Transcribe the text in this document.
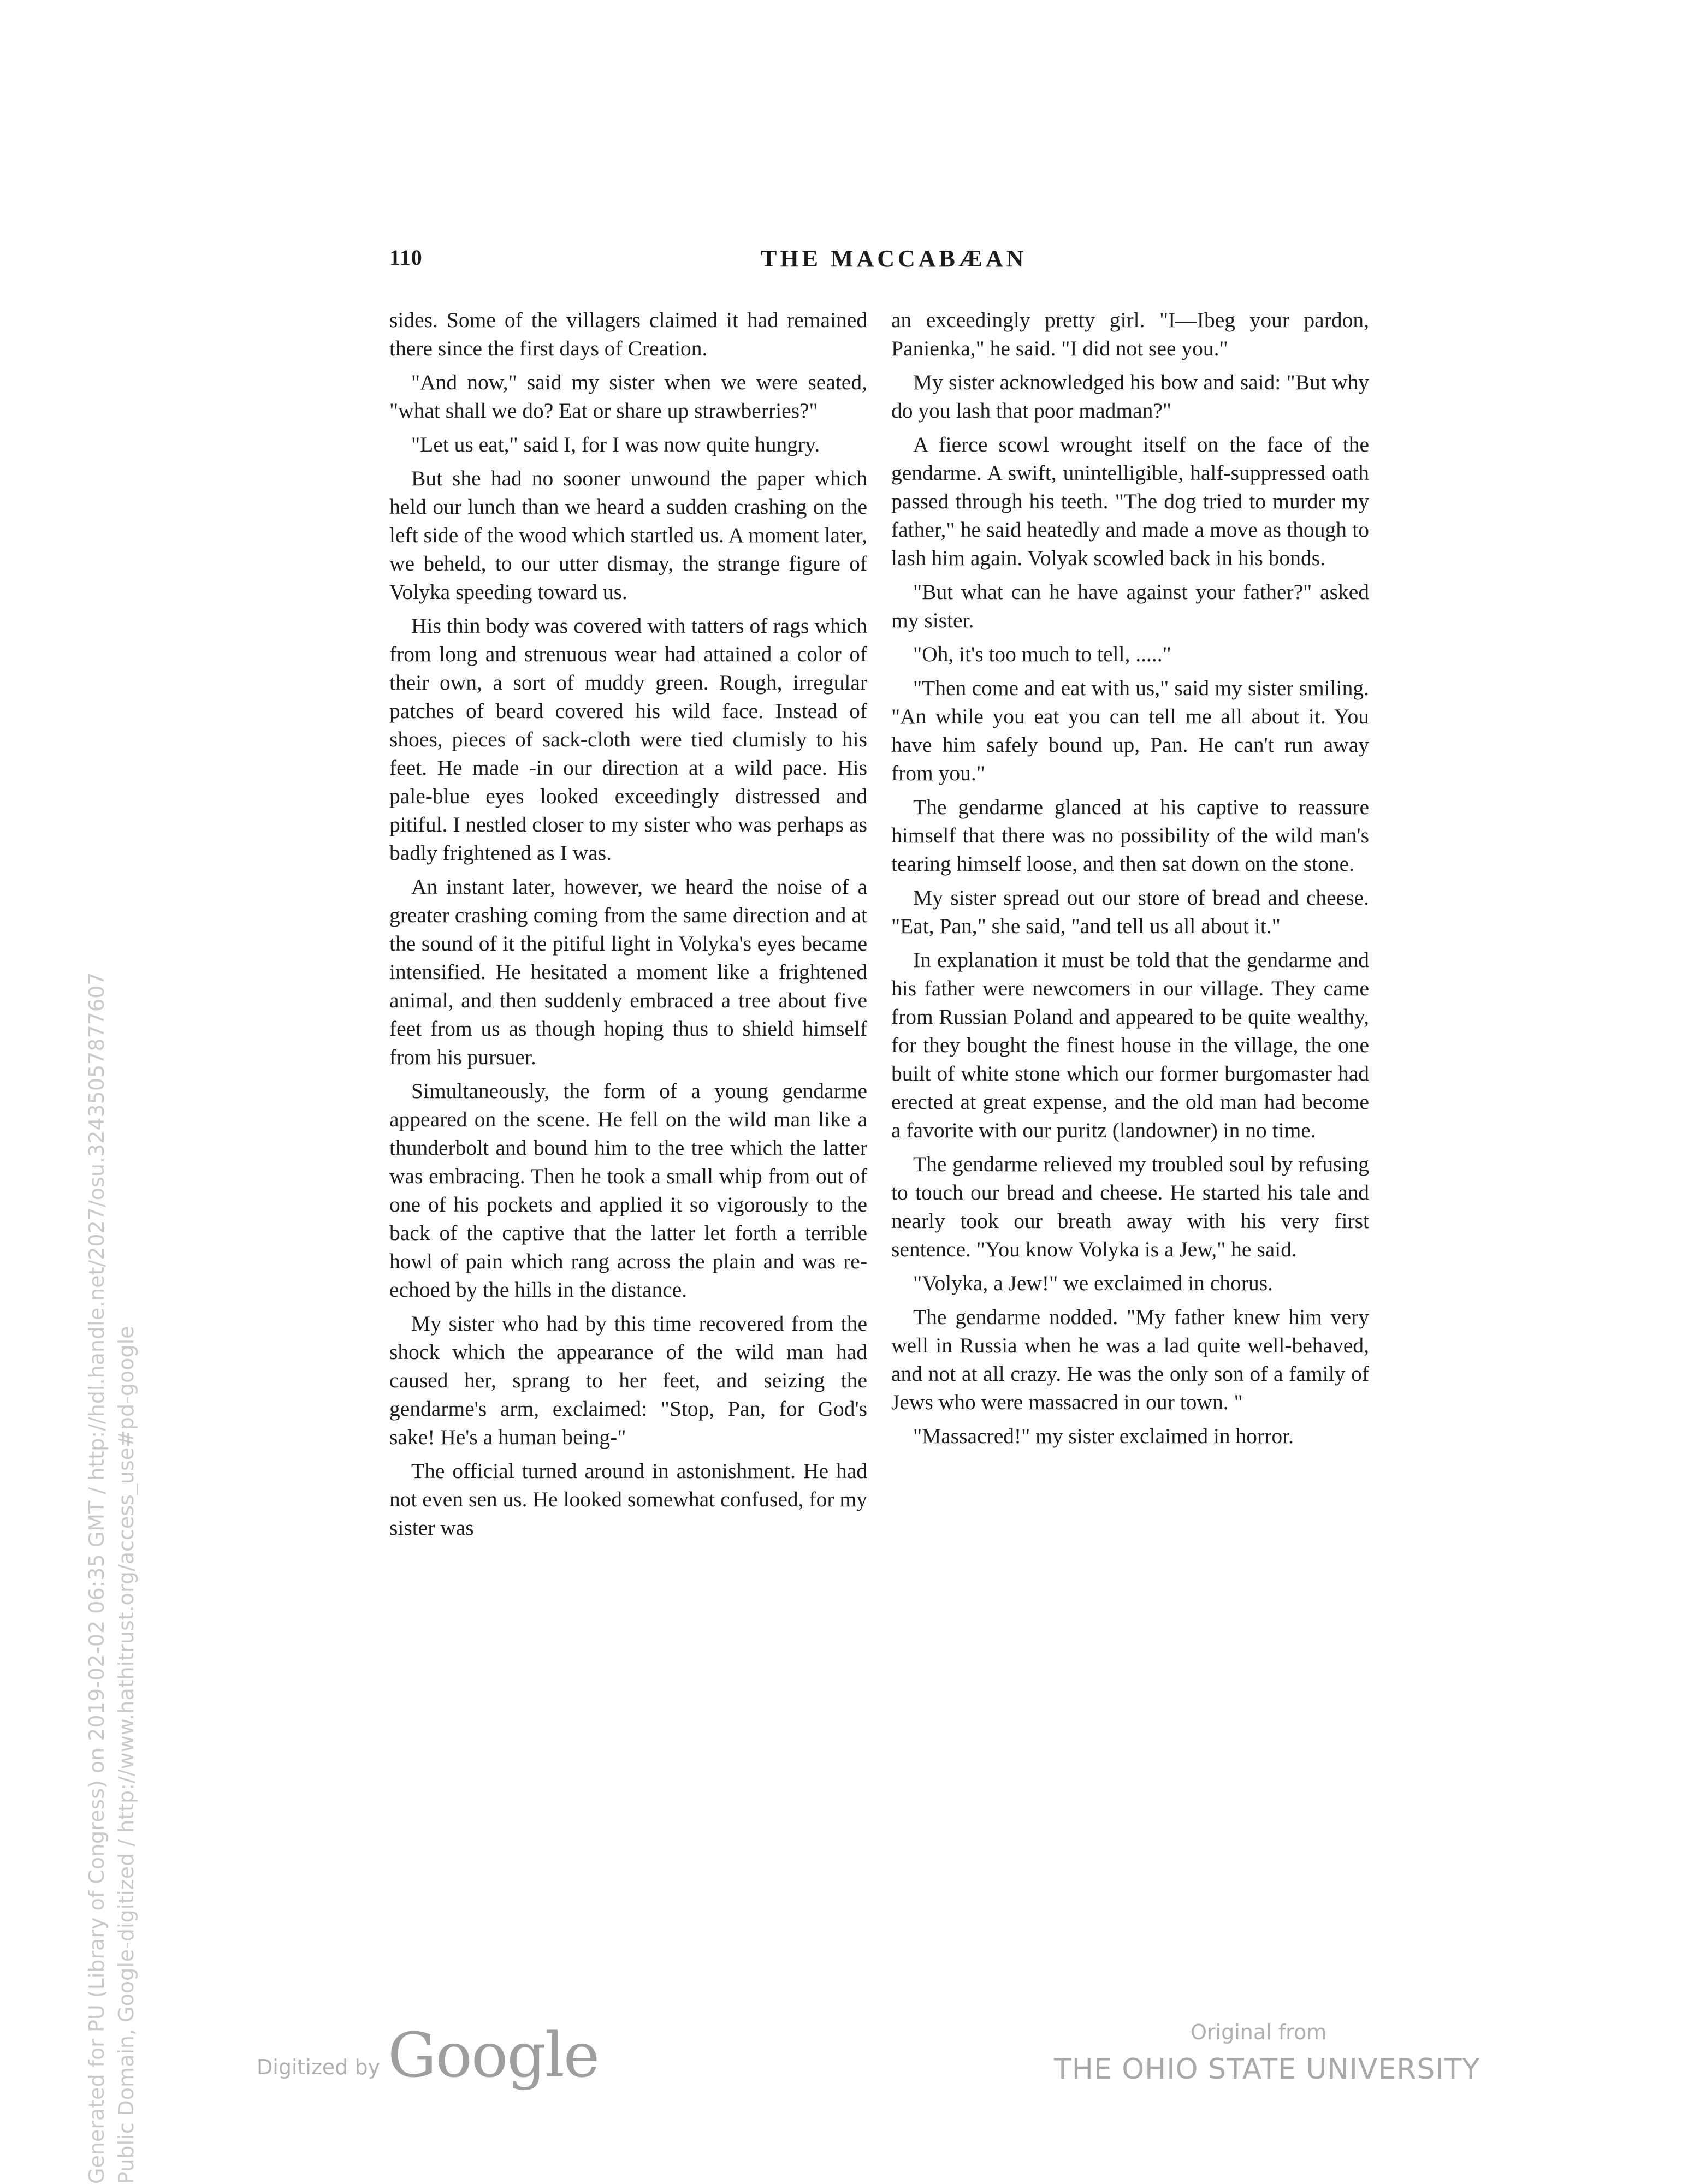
110	THE MACCABÆAN

sides. Some of the villagers claimed it had remained there since the first days of Creation.

"And now," said my sister when we were seated, "what shall we do? Eat or share up strawberries?"

"Let us eat," said I, for I was now quite hungry.

But she had no sooner unwound the paper which held our lunch than we heard a sudden crashing on the left side of the wood which startled us. A moment later, we beheld, to our utter dismay, the strange figure of Volyka speeding toward us.

His thin body was covered with tatters of rags which from long and strenuous wear had attained a color of their own, a sort of muddy green. Rough, irregular patches of beard covered his wild face. Instead of shoes, pieces of sack-cloth were tied clumisly to his feet. He made -in our direction at a wild pace. His pale-blue eyes looked exceedingly distressed and pitiful. I nestled closer to my sister who was perhaps as badly frightened as I was.

An instant later, however, we heard the noise of a greater crashing coming from the same direction and at the sound of it the pitiful light in Volyka's eyes became intensified. He hesitated a moment like a frightened animal, and then suddenly embraced a tree about five feet from us as though hoping thus to shield himself from his pursuer.

Simultaneously, the form of a young gendarme appeared on the scene. He fell on the wild man like a thunderbolt and bound him to the tree which the latter was embracing. Then he took a small whip from out of one of his pockets and applied it so vigorously to the back of the captive that the latter let forth a terrible howl of pain which rang across the plain and was re-echoed by the hills in the distance.

My sister who had by this time recovered from the shock which the appearance of the wild man had caused her, sprang to her feet, and seizing the gendarme's arm, exclaimed: "Stop, Pan, for God's sake! He's a human being-"

The official turned around in astonishment. He had not even sen us. He looked somewhat confused, for my sister was

an exceedingly pretty girl. "I—Ibeg your pardon, Panienka," he said. "I did not see you."

My sister acknowledged his bow and said: "But why do you lash that poor madman?"

A fierce scowl wrought itself on the face of the gendarme. A swift, unintelligible, half-suppressed oath passed through his teeth. "The dog tried to murder my father," he said heatedly and made a move as though to lash him again. Volyak scowled back in his bonds.

"But what can he have against your father?" asked my sister.

"Oh, it's too much to tell, ....."

"Then come and eat with us," said my sister smiling. "An while you eat you can tell me all about it. You have him safely bound up, Pan. He can't run away from you."

The gendarme glanced at his captive to reassure himself that there was no possibility of the wild man's tearing himself loose, and then sat down on the stone.

My sister spread out our store of bread and cheese. "Eat, Pan," she said, "and tell us all about it."

In explanation it must be told that the gendarme and his father were newcomers in our village. They came from Russian Poland and appeared to be quite wealthy, for they bought the finest house in the village, the one built of white stone which our former burgomaster had erected at great expense, and the old man had become a favorite with our puritz (landowner) in no time.

The gendarme relieved my troubled soul by refusing to touch our bread and cheese. He started his tale and nearly took our breath away with his very first sentence. "You know Volyka is a Jew," he said.

"Volyka, a Jew!" we exclaimed in chorus.

The gendarme nodded. "My father knew him very well in Russia when he was a lad quite well-behaved, and not at all crazy. He was the only son of a family of Jews who were massacred in our town. "

"Massacred!" my sister exclaimed in horror.

Generated for PU (Library of Congress) on 2019-02-02 06:35 GMT / http://hdl.handle.net/2027/osu.32435057877607 Public Domain, Google-digitized / http://www.hathitrust.org/access_use#pd-google	Digitized by Google	Original from
THE OHIO STATE UNIVERSITY
